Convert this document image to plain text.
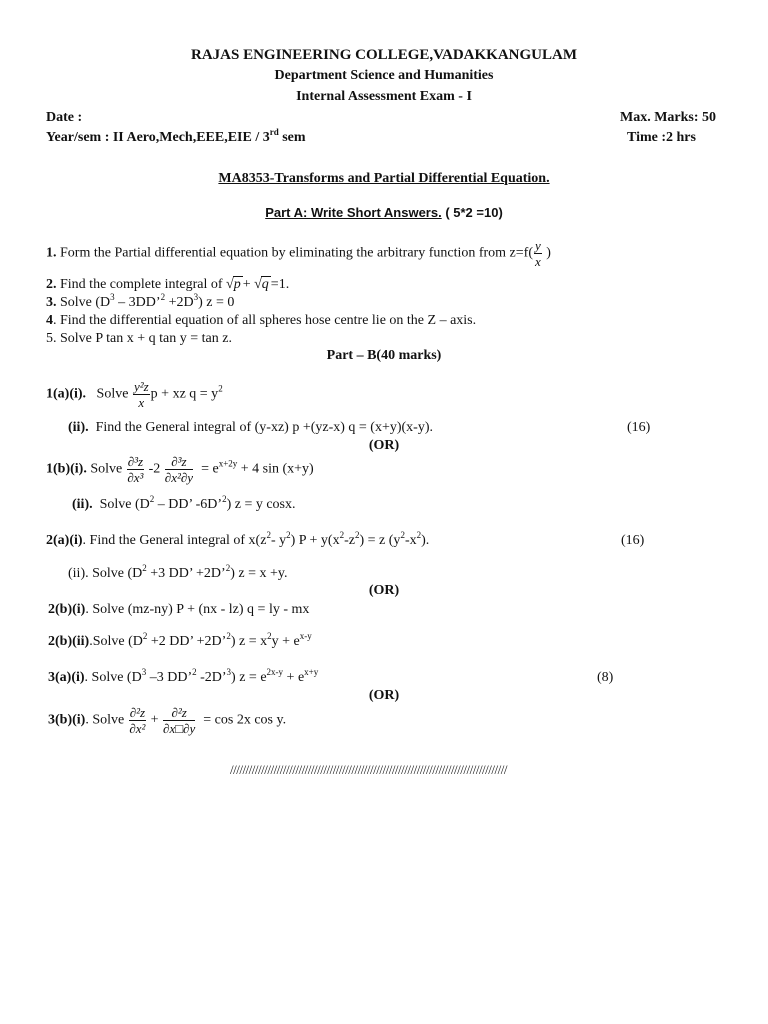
RAJAS ENGINEERING COLLEGE,VADAKKANGULAM
Department Science and Humanities
Internal Assessment Exam - I
Date :	Max. Marks: 50
Year/sem : II Aero,Mech,EEE,EIE / 3rd sem	Time :2 hrs
MA8353-Transforms and Partial Differential Equation.
Part A: Write Short Answers. ( 5*2 =10)
1. Form the Partial differential equation by eliminating the arbitrary function from $z=f( \frac{y}{x}$ )
2. Find the complete integral of √p + √q =1.
3. Solve ($D^3$ – 3DD’$^2$ $+2D^3$) z = 0
4. Find the differential equation of all spheres hose centre lie on the Z – axis.
5. Solve P tan x + q tan y = tan z.
Part – B(40 marks)
1(a)(i). Solve $\frac{\text{y²z}}{x}$ p + xz $q = y^2$
(ii). Find the General integral of (y-xz) p +(yz-x) q = (x+y)(x-y).	(16)
(OR)
1(b)(i). Solve $\frac{\text{∂³z}}{\text{∂x³}} -2 \frac{\text{∂³z}}{\text{∂x²∂y}} = e^{x+2y} + 4$ sin (x+y)
(ii). Solve ($D^2$ – DD’ -6D’$^2$) z = y cosx.
2(a)(i). Find the General integral of $x(z^2-$ $y^2$) $P + y(x^2-z^2) = z$ $(y^2-x^2)$.	(16)
(ii). Solve ($D^2 +3$ DD’ +2D’$^2$) z = x +y.
(OR)
2(b)(i). Solve (mz-ny) P + (nx - lz) q = ly - mx
2(b)(ii).Solve ($D^2 +2$ DD’ +2D’$^2$) $z = x^2y + e^{x-y}$
3(a)(i). Solve ($D^3$ –3 DD’$^2$ -2D’$^3$) $z = e^{2x-y} + e^{x+y}$	(8)
(OR)
3(b)(i). Solve $\frac{\text{∂²z}}{\text{∂x²}} + \frac{\text{∂²z}}{\partial x□\partial y} = \cos 2x$ cos y.
/////////////////////////////////////////////////////////////////////////////////////////
